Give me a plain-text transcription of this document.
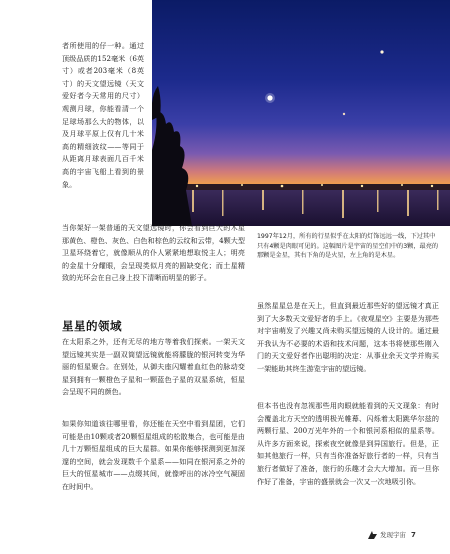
者所使用的仔一种。通过顶级品质的152毫米（6英寸）或者203毫米（8英寸）的天文望远镜（天文爱好者今天常用的尺寸）观测月球，你能看清一个足球场那么大的物体，以及月球平原上仅有几十米高的精细波纹——等同于从距离月球表面几百千米高的宇宙飞船上看到的景象。
当你架好一架普通的天文望远镜时，你会看到巨大的木星那黄色、橙色、灰色、白色和棕色的云纹和云带，4颗大型卫星环绕着它，就像顺从的仆人紧紧地想取悦主人；明亮的金星十分耀眼，会呈现类似月亮的圆缺变化；而土星精致的光环会在自己身上投下清晰而明显的影子。
星星的领域
在太阳系之外，还有无尽的地方等着我们探索。一架天文望远镜其实是一副双筒望远镜就能将朦胧的银河转变为华丽的恒星聚合。在别处，从御夫座闪耀着血红色的脉动变星到拥有一颗橙色子星和一颗蓝色子星的双星系统，恒星会呈现不同的颜色。
如果你知道该往哪里看，你还能在天空中看到星团，它们可能是由10颗或者20颗恒星组成的松散集合，也可能是由几十万颗恒星组成的巨大星群。如果你能够探测到更加深邃的空间，就会发现数千个星系——如同在银河系之外的巨大的恒星城市——点缀其间，就像呼出的冰冷空气凝固在时间中。
1997年12月，所有的行星似乎在太阳的灯饰远远一线，下过其中只有4颗是肉眼可见的。这幅图片是宇宙的星空们中的3颗，最亮的那颗是金星，其右下角的是火星，左上角的是木星。
虽然星星总是在天上，但直到最近那些好的望远镜才真正到了大多数天文爱好者的手上。《夜观星空》主要是为那些对宇宙萌发了兴趣又尚未购买望远镜的人设计的。通过最开我认为不必要的术语和技术问题，这本书将使那些刚入门的天文爱好者作出聪明的决定：从事业余天文学并购买一架能助其终生游览宇宙的望远镜。
但本书也没有忽视那些用肉眼就能看到的天文现象：有时会覆盖北方天空的透明极光帷幕、闪烁着太阳跳华尔兹的两颗行星、200万光年外的一个和银河系相似的星系等。从许多方面来说，探索夜空就像是到异国旅行。但是，正如其他旅行一样，只有当你准备好旅行者的一样，只有当旅行者做好了准备，旅行的乐趣才会大大增加。而一旦你作好了准备，宇宙的盛景就会一次又一次地吸引你。
发现宇宙 7
